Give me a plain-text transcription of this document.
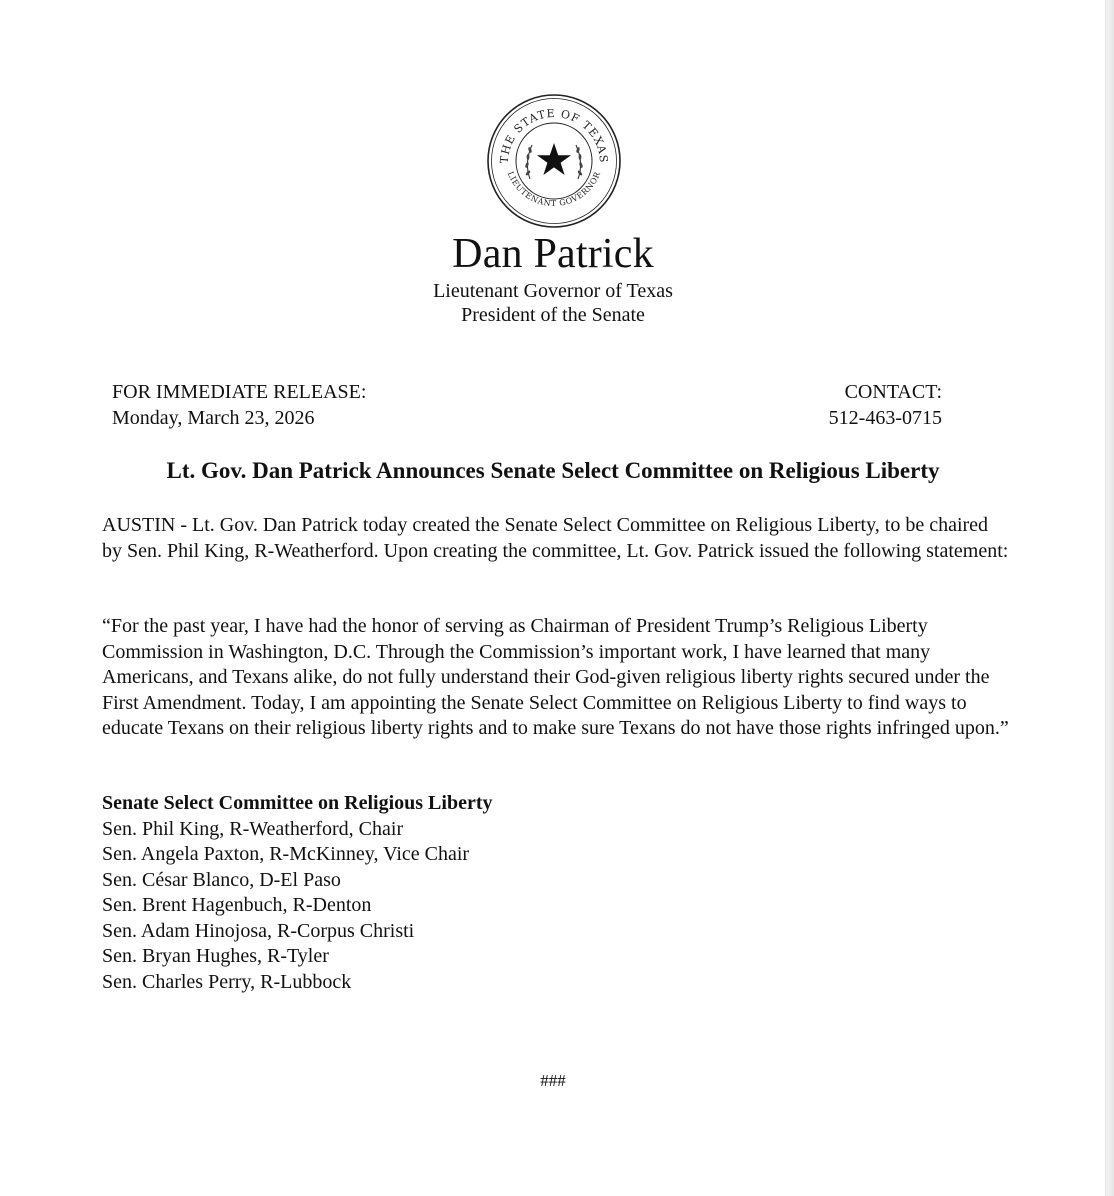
THE STATE OF TEXAS
LIEUTENANT GOVERNOR
Dan Patrick
Lieutenant Governor of Texas
President of the Senate
FOR IMMEDIATE RELEASE:
Monday, March 23, 2026
CONTACT:
512-463-0715
Lt. Gov. Dan Patrick Announces Senate Select Committee on Religious Liberty

AUSTIN - Lt. Gov. Dan Patrick today created the Senate Select Committee on Religious Liberty, to be chaired by Sen. Phil King, R-Weatherford. Upon creating the committee, Lt. Gov. Patrick issued the following statement:

“For the past year, I have had the honor of serving as Chairman of President Trump’s Religious Liberty Commission in Washington, D.C. Through the Commission’s important work, I have learned that many Americans, and Texans alike, do not fully understand their God-given religious liberty rights secured under the First Amendment. Today, I am appointing the Senate Select Committee on Religious Liberty to find ways to educate Texans on their religious liberty rights and to make sure Texans do not have those rights infringed upon.”

Senate Select Committee on Religious Liberty
Sen. Phil King, R-Weatherford, Chair
Sen. Angela Paxton, R-McKinney, Vice Chair
Sen. César Blanco, D-El Paso
Sen. Brent Hagenbuch, R-Denton
Sen. Adam Hinojosa, R-Corpus Christi
Sen. Bryan Hughes, R-Tyler
Sen. Charles Perry, R-Lubbock
###
